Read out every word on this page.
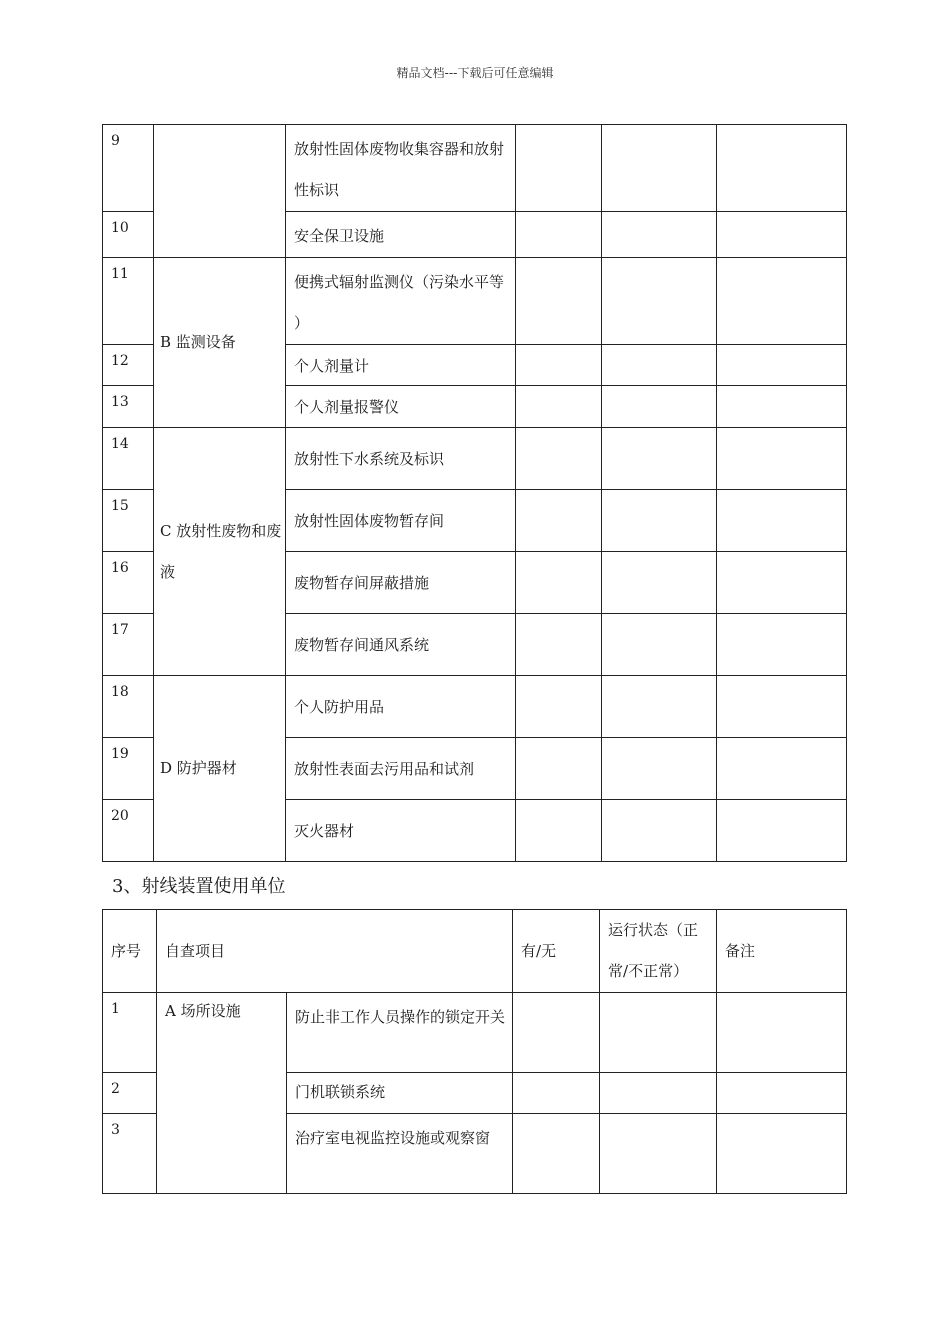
精品文档---下载后可任意编辑
9		放射性固体废物收集容器和放射性标识			
10		安全保卫设施			
11	B 监测设备	便携式辐射监测仪（污染水平等 ）			
12		个人剂量计			
13		个人剂量报警仪			
14	C 放射性废物和废液	放射性下水系统及标识			
15		放射性固体废物暂存间			
16		废物暂存间屏蔽措施			
17		废物暂存间通风系统			
18	D 防护器材	个人防护用品			
19		放射性表面去污用品和试剂			
20		灭火器材			
3、射线装置使用单位
序号	自查项目		有/无	运行状态（正常/不正常）	备注
1	A 场所设施	防止非工作人员操作的锁定开关			
2		门机联锁系统			
3		治疗室电视监控设施或观察窗			
